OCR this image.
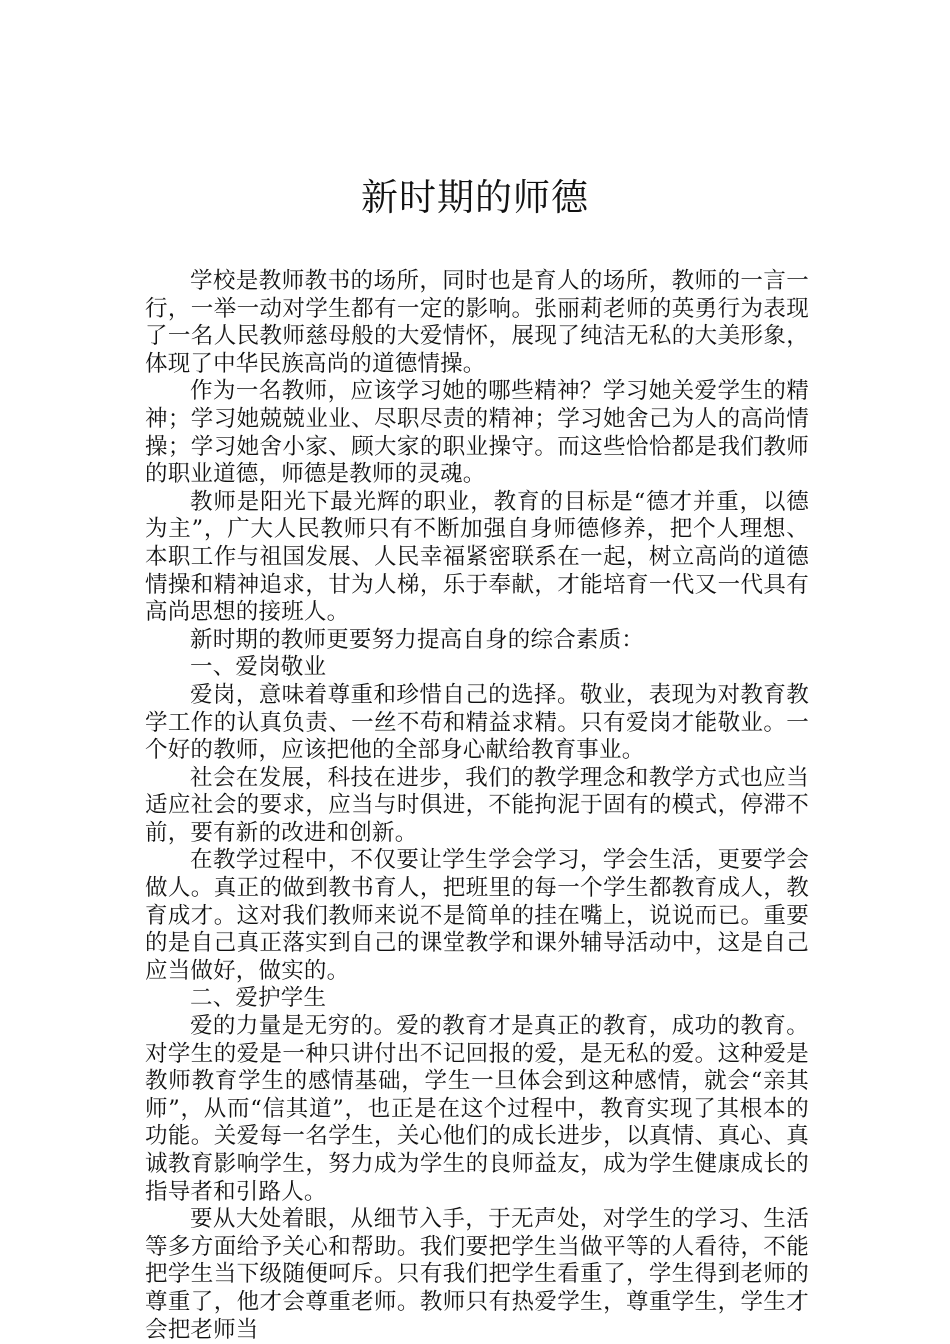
新时期的师德

学校是教师教书的场所，同时也是育人的场所，教师的一言一行，一举一动对学生都有一定的影响。张丽莉老师的英勇行为表现了一名人民教师慈母般的大爱情怀，展现了纯洁无私的大美形象，体现了中华民族高尚的道德情操。

作为一名教师，应该学习她的哪些精神？学习她关爱学生的精神；学习她兢兢业业、尽职尽责的精神；学习她舍己为人的高尚情操；学习她舍小家、顾大家的职业操守。而这些恰恰都是我们教师的职业道德，师德是教师的灵魂。

教师是阳光下最光辉的职业，教育的目标是“德才并重，以德为主”，广大人民教师只有不断加强自身师德修养，把个人理想、本职工作与祖国发展、人民幸福紧密联系在一起，树立高尚的道德情操和精神追求，甘为人梯，乐于奉献，才能培育一代又一代具有高尚思想的接班人。

新时期的教师更要努力提高自身的综合素质：

一、爱岗敬业

爱岗，意味着尊重和珍惜自己的选择。敬业，表现为对教育教学工作的认真负责、一丝不苟和精益求精。只有爱岗才能敬业。一个好的教师，应该把他的全部身心献给教育事业。

社会在发展，科技在进步，我们的教学理念和教学方式也应当适应社会的要求，应当与时俱进，不能拘泥于固有的模式，停滞不前，要有新的改进和创新。

在教学过程中，不仅要让学生学会学习，学会生活，更要学会做人。真正的做到教书育人，把班里的每一个学生都教育成人，教育成才。这对我们教师来说不是简单的挂在嘴上，说说而已。重要的是自己真正落实到自己的课堂教学和课外辅导活动中，这是自己应当做好，做实的。

二、爱护学生

爱的力量是无穷的。爱的教育才是真正的教育，成功的教育。对学生的爱是一种只讲付出不记回报的爱，是无私的爱。这种爱是教师教育学生的感情基础，学生一旦体会到这种感情，就会“亲其师”，从而“信其道”，也正是在这个过程中，教育实现了其根本的功能。关爱每一名学生，关心他们的成长进步，以真情、真心、真诚教育影响学生，努力成为学生的良师益友，成为学生健康成长的指导者和引路人。

要从大处着眼，从细节入手，于无声处，对学生的学习、生活等多方面给予关心和帮助。我们要把学生当做平等的人看待，不能把学生当下级随便呵斥。只有我们把学生看重了，学生得到老师的尊重了，他才会尊重老师。教师只有热爱学生，尊重学生，学生才会把老师当
